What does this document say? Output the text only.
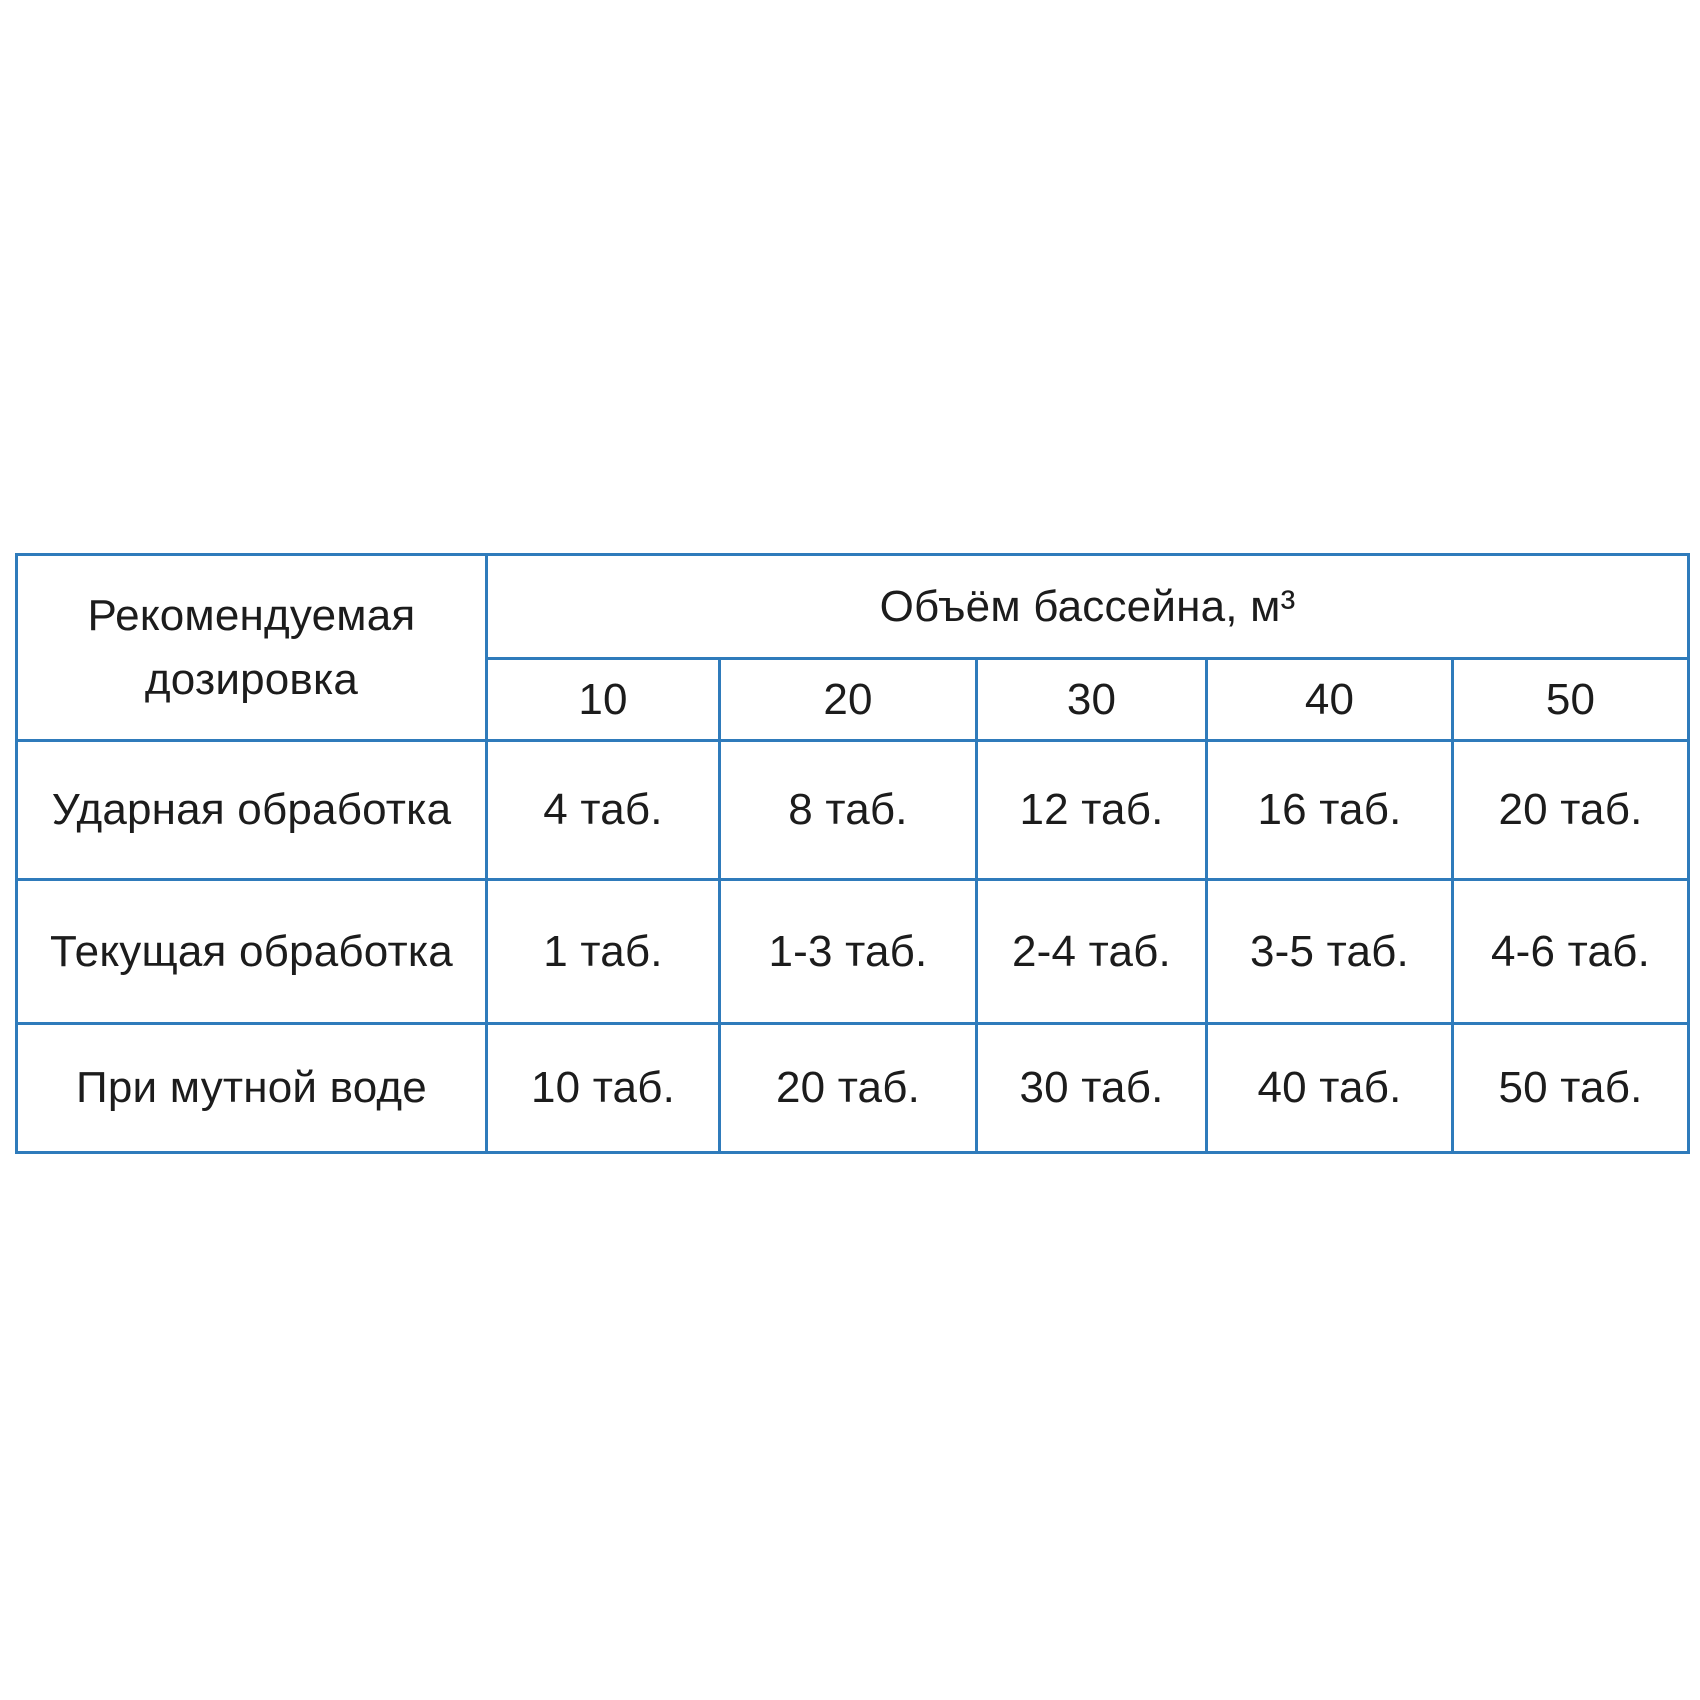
Рекомендуемая
дозировка	Объём бассейна, м³				
	10	20	30	40	50
Ударная обработка	4 таб.	8 таб.	12 таб.	16 таб.	20 таб.
Текущая обработка	1 таб.	1-3 таб.	2-4 таб.	3-5 таб.	4-6 таб.
При мутной воде	10 таб.	20 таб.	30 таб.	40 таб.	50 таб.
